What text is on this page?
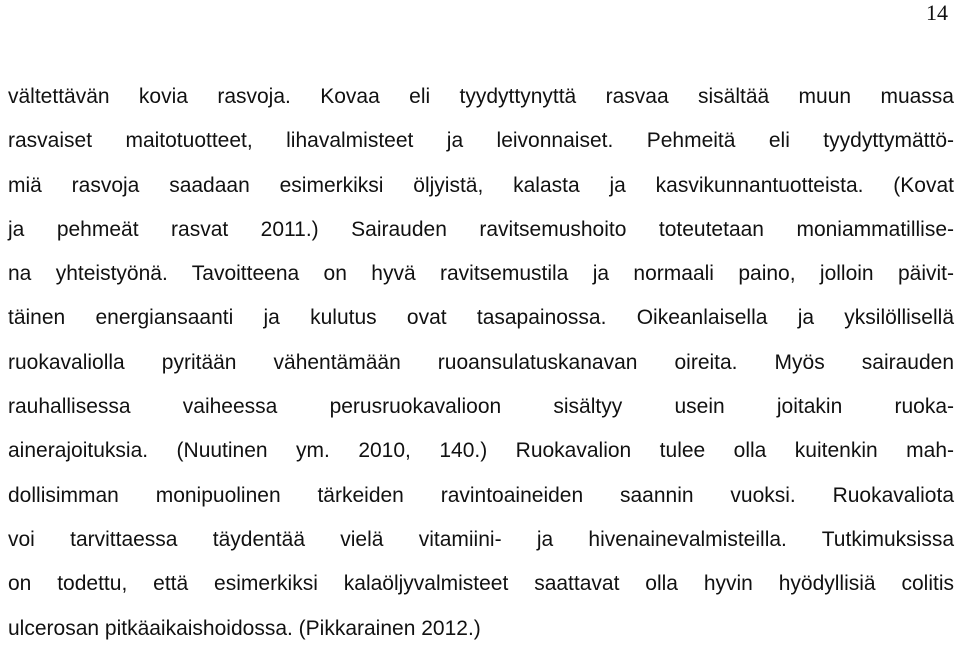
14
vältettävän kovia rasvoja. Kovaa eli tyydyttynyttä rasvaa sisältää muun muassa
rasvaiset maitotuotteet, lihavalmisteet ja leivonnaiset. Pehmeitä eli tyydyttymättö-
miä rasvoja saadaan esimerkiksi öljyistä, kalasta ja kasvikunnantuotteista. (Kovat
ja pehmeät rasvat 2011.) Sairauden ravitsemushoito toteutetaan moniammatillise-
na yhteistyönä. Tavoitteena on hyvä ravitsemustila ja normaali paino, jolloin päivit-
täinen energiansaanti ja kulutus ovat tasapainossa. Oikeanlaisella ja yksilöllisellä
ruokavaliolla pyritään vähentämään ruoansulatuskanavan oireita. Myös sairauden
rauhallisessa vaiheessa perusruokavalioon sisältyy usein joitakin ruoka-
ainerajoituksia. (Nuutinen ym. 2010, 140.) Ruokavalion tulee olla kuitenkin mah-
dollisimman monipuolinen tärkeiden ravintoaineiden saannin vuoksi. Ruokavaliota
voi tarvittaessa täydentää vielä vitamiini- ja hivenainevalmisteilla. Tutkimuksissa
on todettu, että esimerkiksi kalaöljyvalmisteet saattavat olla hyvin hyödyllisiä colitis
ulcerosan pitkäaikaishoidossa. (Pikkarainen 2012.)
